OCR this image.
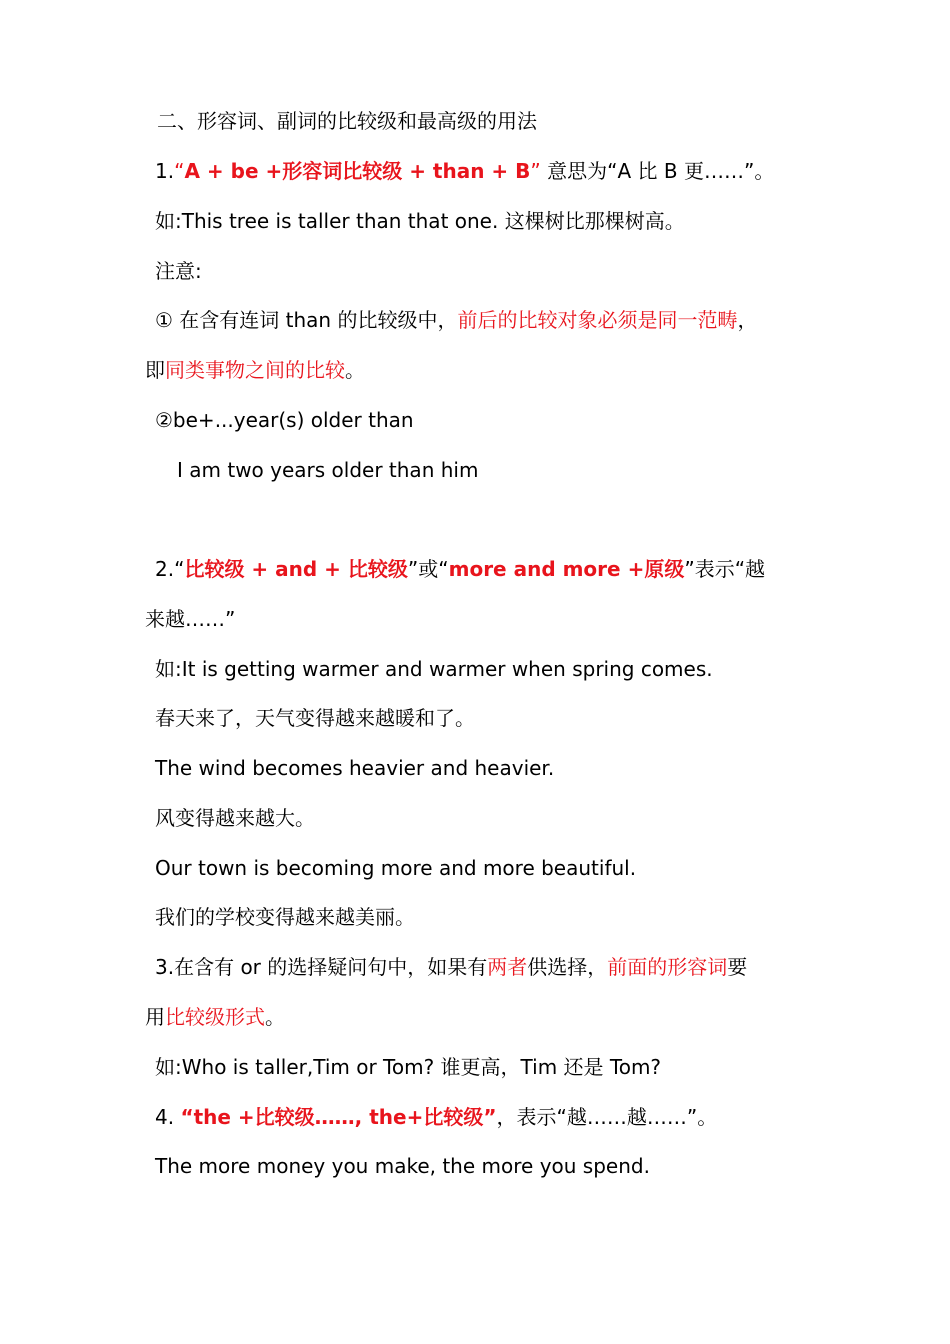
二、形容词、副词的比较级和最高级的用法
1.“A + be +形容词比较级 + than + B” 意思为“A 比 B 更……”。
如:This tree is taller than that one. 这棵树比那棵树高。
注意:
① 在含有连词 than 的比较级中，前后的比较对象必须是同一范畴，
即同类事物之间的比较。
②be+...year(s) older than
I am two years older than him
2.“比较级 + and + 比较级”或“more and more +原级”表示“越
来越……”
如:It is getting warmer and warmer when spring comes.
春天来了，天气变得越来越暖和了。
The wind becomes heavier and heavier.
风变得越来越大。
Our town is becoming more and more beautiful.
我们的学校变得越来越美丽。
3.在含有 or 的选择疑问句中，如果有两者供选择，前面的形容词要
用比较级形式。
如:Who is taller,Tim or Tom? 谁更高，Tim 还是 Tom?
4. “the +比较级……, the+比较级”，表示“越……越……”。
The more money you make, the more you spend.
